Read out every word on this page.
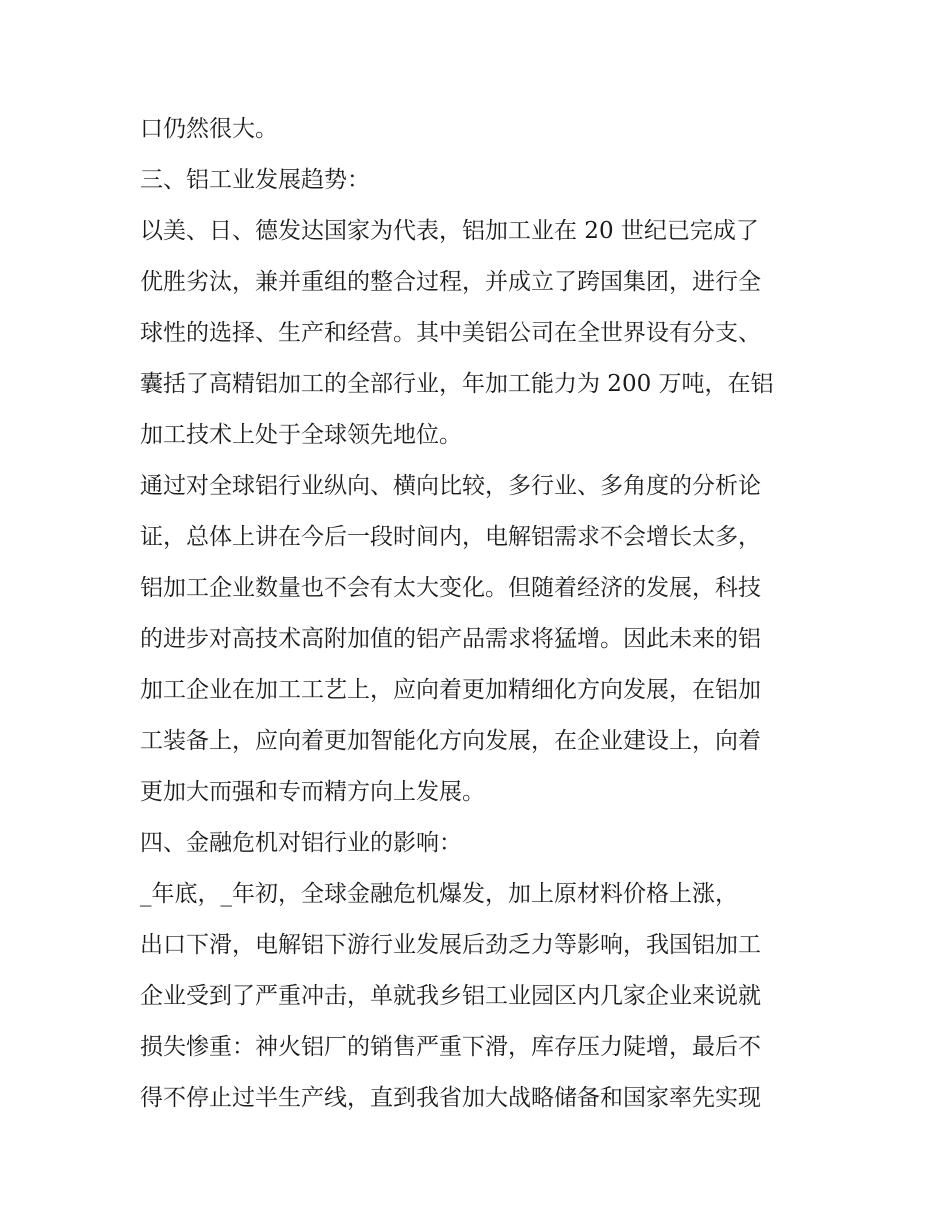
口仍然很大。
三、铝工业发展趋势：
以美、日、德发达国家为代表，铝加工业在 20 世纪已完成了
优胜劣汰，兼并重组的整合过程，并成立了跨国集团，进行全
球性的选择、生产和经营。其中美铝公司在全世界设有分支、
囊括了高精铝加工的全部行业，年加工能力为 200 万吨，在铝
加工技术上处于全球领先地位。
通过对全球铝行业纵向、横向比较，多行业、多角度的分析论
证，总体上讲在今后一段时间内，电解铝需求不会增长太多，
铝加工企业数量也不会有太大变化。但随着经济的发展，科技
的进步对高技术高附加值的铝产品需求将猛增。因此未来的铝
加工企业在加工工艺上，应向着更加精细化方向发展，在铝加
工装备上，应向着更加智能化方向发展，在企业建设上，向着
更加大而强和专而精方向上发展。
四、金融危机对铝行业的影响：
_年底，_年初，全球金融危机爆发，加上原材料价格上涨，
出口下滑，电解铝下游行业发展后劲乏力等影响，我国铝加工
企业受到了严重冲击，单就我乡铝工业园区内几家企业来说就
损失惨重：神火铝厂的销售严重下滑，库存压力陡增，最后不
得不停止过半生产线，直到我省加大战略储备和国家率先实现
